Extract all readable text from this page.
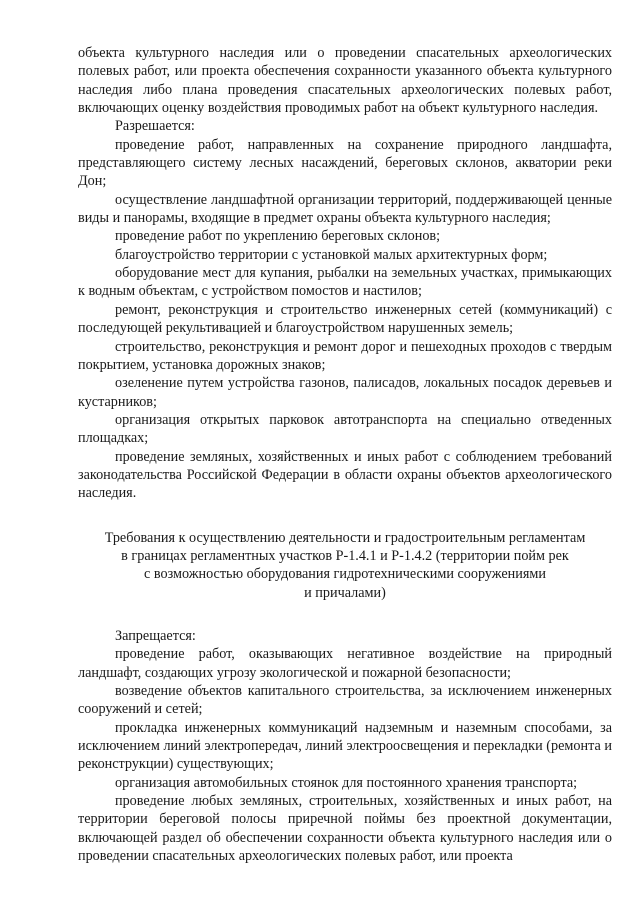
объекта культурного наследия или о проведении спасательных археологических полевых работ, или проекта обеспечения сохранности указанного объекта культурного наследия либо плана проведения спасательных археологических полевых работ, включающих оценку воздействия проводимых работ на объект культурного наследия.

Разрешается:

проведение работ, направленных на сохранение природного ландшафта, представляющего систему лесных насаждений, береговых склонов, акватории реки Дон;

осуществление ландшафтной организации территорий, поддерживающей ценные виды и панорамы, входящие в предмет охраны объекта культурного наследия;

проведение работ по укреплению береговых склонов;

благоустройство территории с установкой малых архитектурных форм;

оборудование мест для купания, рыбалки на земельных участках, примыкающих к водным объектам, с устройством помостов и настилов;

ремонт, реконструкция и строительство инженерных сетей (коммуникаций) с последующей рекультивацией и благоустройством нарушенных земель;

строительство, реконструкция и ремонт дорог и пешеходных проходов с твердым покрытием, установка дорожных знаков;

озеленение путем устройства газонов, палисадов, локальных посадок деревьев и кустарников;

организация открытых парковок автотранспорта на специально отведенных площадках;

проведение земляных, хозяйственных и иных работ с соблюдением требований законодательства Российской Федерации в области охраны объектов археологического наследия.

Требования к осуществлению деятельности и градостроительным регламентам
в границах регламентных участков Р-1.4.1 и Р-1.4.2 (территории пойм рек
с возможностью оборудования гидротехническими сооружениями
и причалами)

Запрещается:

проведение работ, оказывающих негативное воздействие на природный ландшафт, создающих угрозу экологической и пожарной безопасности;

возведение объектов капитального строительства, за исключением инженерных сооружений и сетей;

прокладка инженерных коммуникаций надземным и наземным способами, за исключением линий электропередач, линий электроосвещения и перекладки (ремонта и реконструкции) существующих;

организация автомобильных стоянок для постоянного хранения транспорта;

проведение любых земляных, строительных, хозяйственных и иных работ, на территории береговой полосы приречной поймы без проектной документации, включающей раздел об обеспечении сохранности объекта культурного наследия или о проведении спасательных археологических полевых работ, или проекта
